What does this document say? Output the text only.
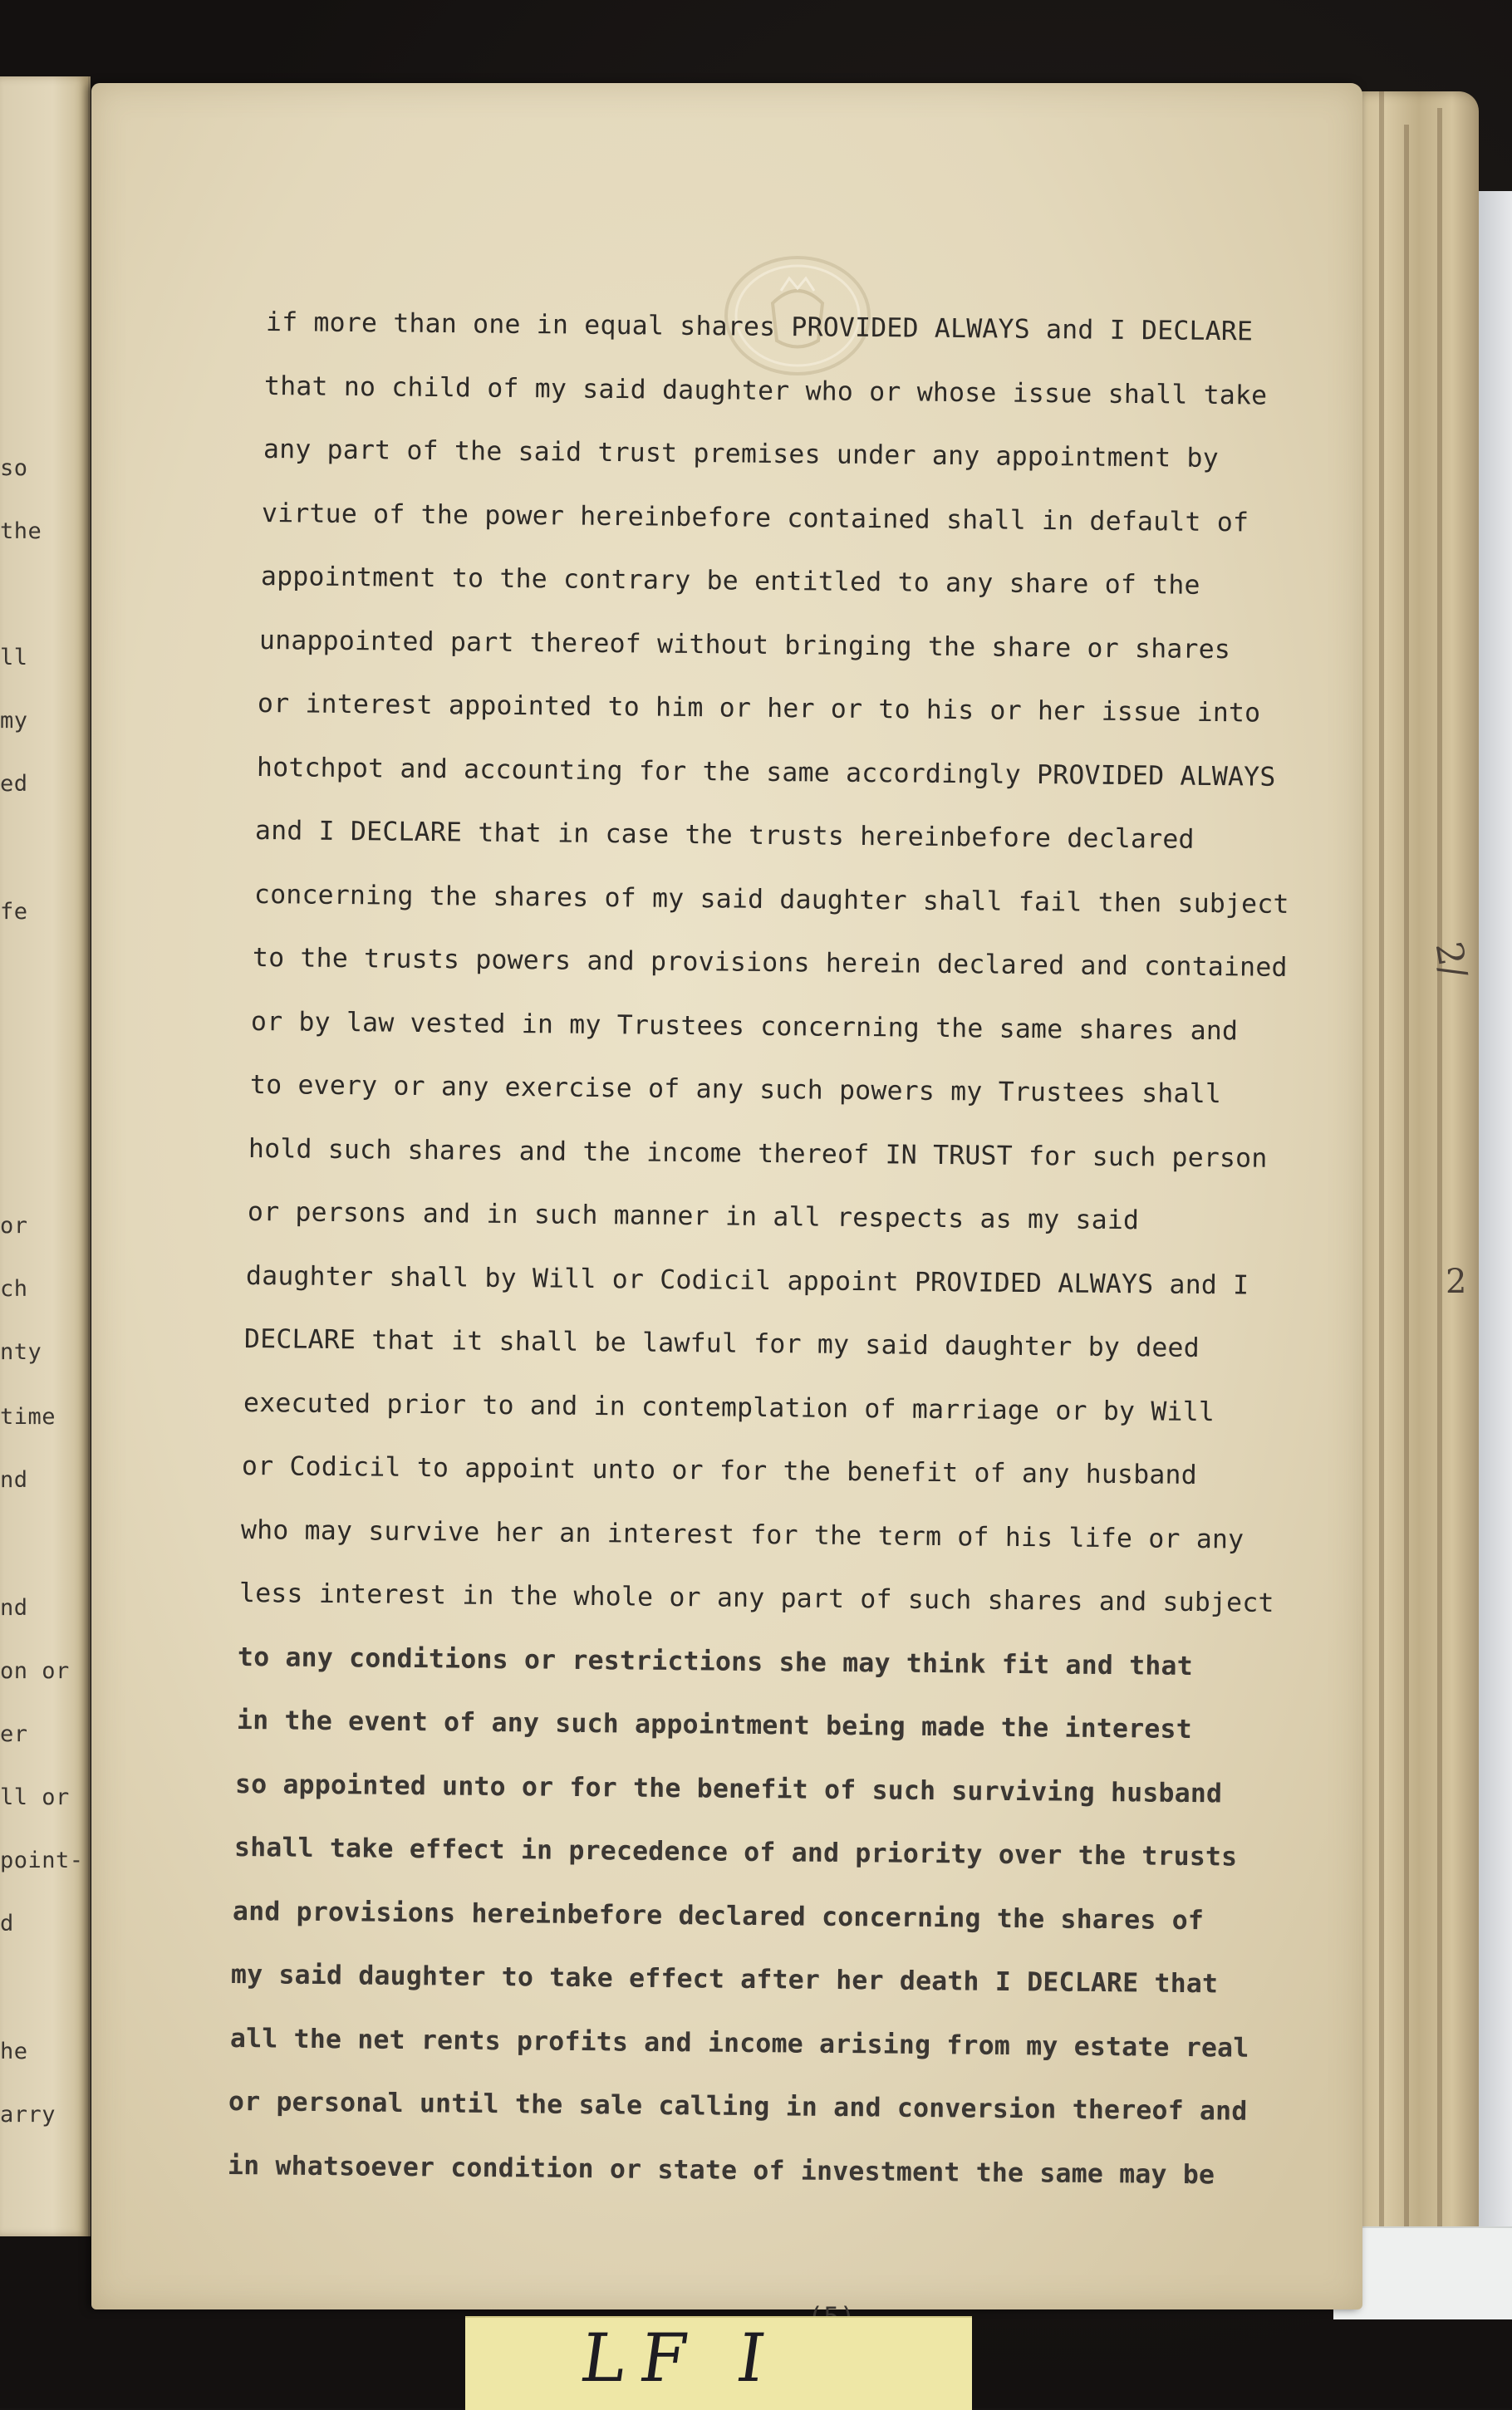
so
the
ll
my
ed
fe
or
ch
nty
time
nd
nd
on or
er
ll or
point-
d
he
arry
if more than one in equal shares PROVIDED ALWAYS and I DECLARE
that no child of my said daughter who or whose issue shall take
any part of the said trust premises under any appointment by
virtue of the power hereinbefore contained shall in default of
appointment to the contrary be entitled to any share of the
unappointed part thereof without bringing the share or shares
or interest appointed to him or her or to his or her issue into
hotchpot and accounting for the same accordingly PROVIDED ALWAYS
and I DECLARE that in case the trusts hereinbefore declared
concerning the shares of my said daughter shall fail then subject
to the trusts powers and provisions herein declared and contained
or by law vested in my Trustees concerning the same shares and
to every or any exercise of any such powers my Trustees shall
hold such shares and the income thereof IN TRUST for such person
or persons and in such manner in all respects as my said
daughter shall by Will or Codicil appoint PROVIDED ALWAYS and I
DECLARE that it shall be lawful for my said daughter by deed
executed prior to and in contemplation of marriage or by Will
or Codicil to appoint unto or for the benefit of any husband
who may survive her an interest for the term of his life or any
less interest in the whole or any part of such shares and subject
to any conditions or restrictions she may think fit and that
in the event of any such appointment being made the interest
so appointed unto or for the benefit of such surviving husband
shall take effect in precedence of and priority over the trusts
and provisions hereinbefore declared concerning the shares of
my said daughter to take effect after her death I DECLARE that
all the net rents profits and income arising from my estate real
or personal until the sale calling in and conversion thereof and
in whatsoever condition or state of investment the same may be
2/
2
LF I
